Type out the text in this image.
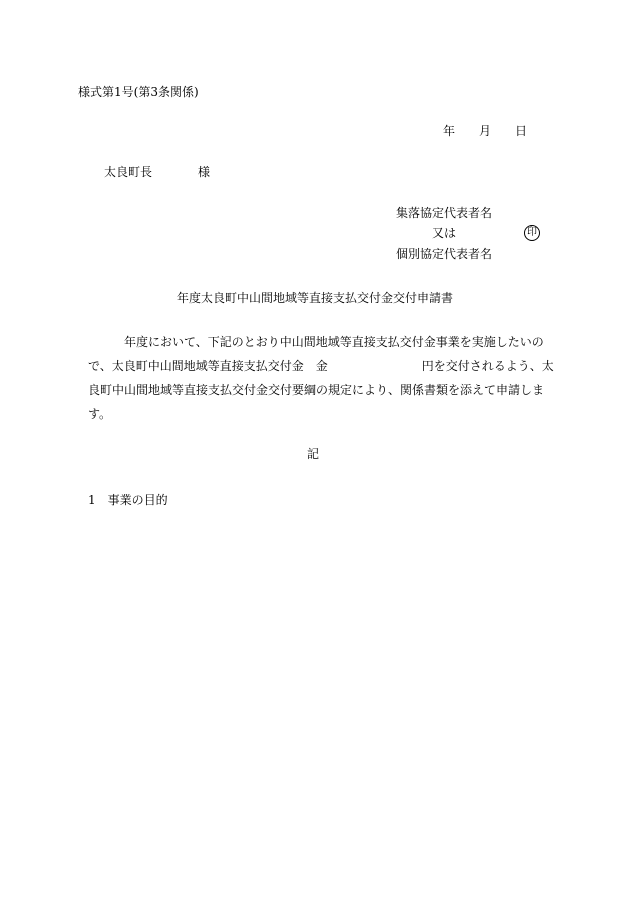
様式第1号(第3条関係)
年 月 日
太良町長	様
集落協定代表者名
又は	印
個別協定代表者名
年度太良町中山間地域等直接支払交付金交付申請書
年度において、下記のとおり中山間地域等直接支払交付金事業を実施したいの
で、太良町中山間地域等直接支払交付金　金	円を交付されるよう、太
良町中山間地域等直接支払交付金交付要綱の規定により、関係書類を添えて申請しま
す。
記
1 事業の目的
